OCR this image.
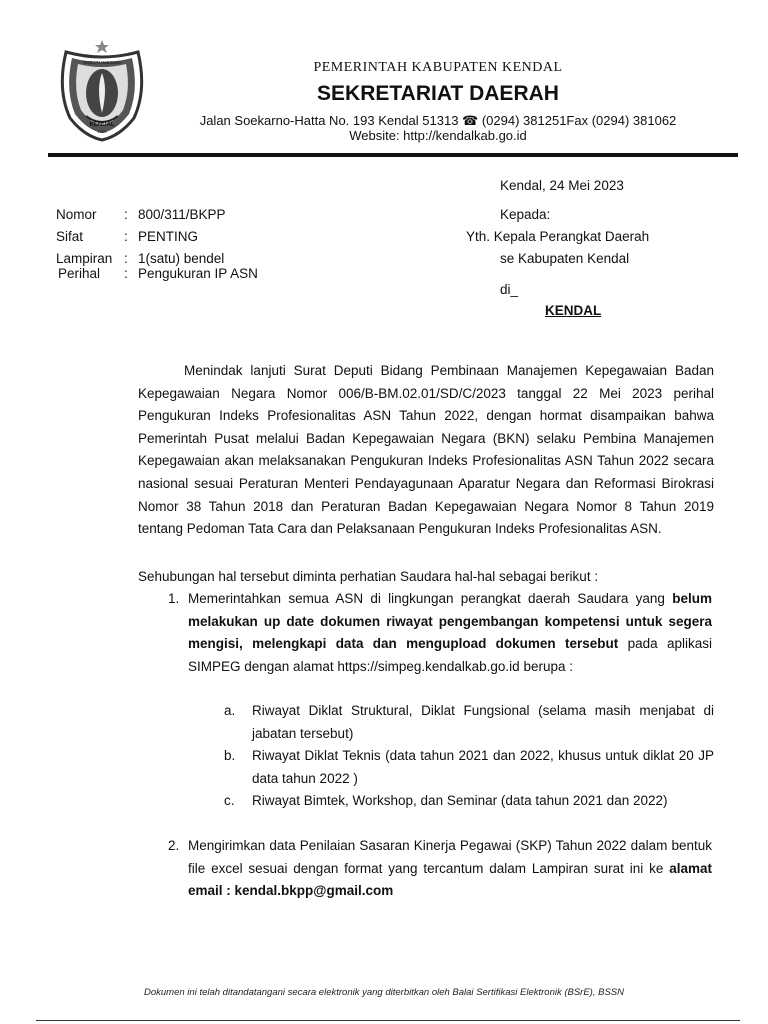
NGESTI WIBOWO
KENDAL
1605
PEMERINTAH KABUPATEN KENDAL
SEKRETARIAT DAERAH
Jalan Soekarno-Hatta No. 193 Kendal 51313 ☎ (0294) 381251Fax (0294) 381062
Website: http://kendalkab.go.id
Kendal, 24 Mei 2023
Nomor	: 800/311/BKPP
Sifat	: PENTING
Lampiran : 1(satu) bendel
Perihal	: Pengukuran IP ASN
Kepada:
Yth. Kepala Perangkat Daerah
se Kabupaten Kendal
di_
KENDAL
Menindak lanjuti Surat Deputi Bidang Pembinaan Manajemen Kepegawaian Badan Kepegawaian Negara Nomor 006/B-BM.02.01/SD/C/2023 tanggal 22 Mei 2023 perihal Pengukuran Indeks Profesionalitas ASN Tahun 2022, dengan hormat disampaikan bahwa Pemerintah Pusat melalui Badan Kepegawaian Negara (BKN) selaku Pembina Manajemen Kepegawaian akan melaksanakan Pengukuran Indeks Profesionalitas ASN Tahun 2022 secara nasional sesuai Peraturan Menteri Pendayagunaan Aparatur Negara dan Reformasi Birokrasi Nomor 38 Tahun 2018 dan Peraturan Badan Kepegawaian Negara Nomor 8 Tahun 2019 tentang Pedoman Tata Cara dan Pelaksanaan Pengukuran Indeks Profesionalitas ASN.
Sehubungan hal tersebut diminta perhatian Saudara hal-hal sebagai berikut :
1. Memerintahkan semua ASN di lingkungan perangkat daerah Saudara yang belum melakukan up date dokumen riwayat pengembangan kompetensi untuk segera mengisi, melengkapi data dan mengupload dokumen tersebut pada aplikasi SIMPEG dengan alamat https://simpeg.kendalkab.go.id berupa :
a. Riwayat Diklat Struktural, Diklat Fungsional (selama masih menjabat di jabatan tersebut)
b. Riwayat Diklat Teknis (data tahun 2021 dan 2022, khusus untuk diklat 20 JP data tahun 2022 )
c. Riwayat Bimtek, Workshop, dan Seminar (data tahun 2021 dan 2022)
2. Mengirimkan data Penilaian Sasaran Kinerja Pegawai (SKP) Tahun 2022 dalam bentuk file excel sesuai dengan format yang tercantum dalam Lampiran surat ini ke alamat email : kendal.bkpp@gmail.com
Dokumen ini telah ditandatangani secara elektronik yang diterbitkan oleh Balai Sertifikasi Elektronik (BSrE), BSSN
